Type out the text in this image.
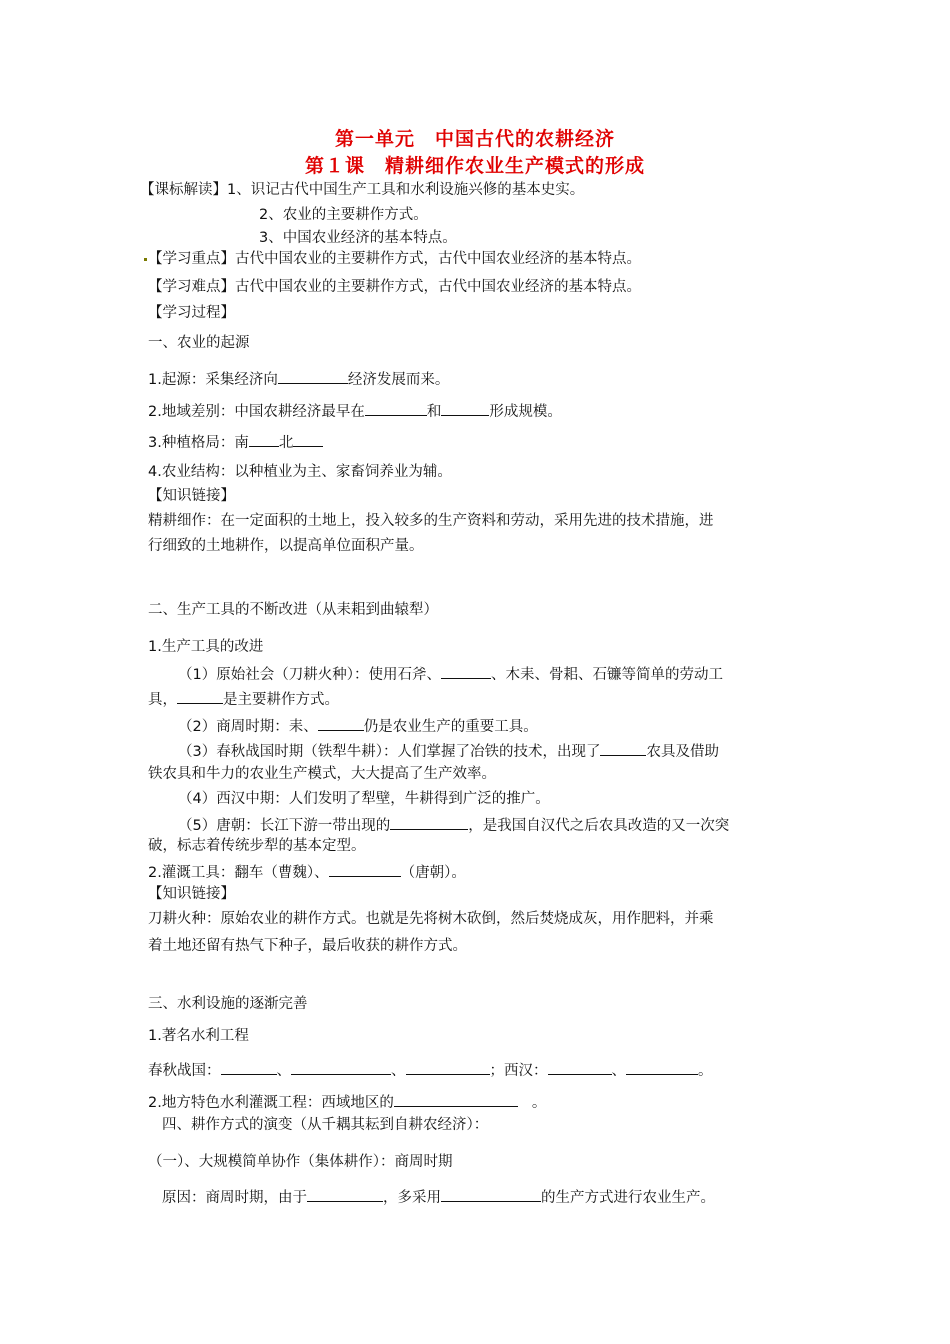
第一单元　中国古代的农耕经济
第１课　精耕细作农业生产模式的形成
【课标解读】1、识记古代中国生产工具和水利设施兴修的基本史实。
2、农业的主要耕作方式。
3、中国农业经济的基本特点。
【学习重点】古代中国农业的主要耕作方式，古代中国农业经济的基本特点。
【学习难点】古代中国农业的主要耕作方式，古代中国农业经济的基本特点。
【学习过程】
一、农业的起源
1.起源：采集经济向	经济发展而来。
2.地域差别：中国农耕经济最早在	和	形成规模。
3.种植格局：南 北
4.农业结构：以种植业为主、家畜饲养业为辅。
【知识链接】
精耕细作：在一定面积的土地上，投入较多的生产资料和劳动，采用先进的技术措施，进
行细致的土地耕作，以提高单位面积产量。
二、生产工具的不断改进（从耒耜到曲辕犁）
1.生产工具的改进
（1）原始社会（刀耕火种）：使用石斧、	、木耒、骨耜、石镰等简单的劳动工
具，	是主要耕作方式。
（2）商周时期：耒、	仍是农业生产的重要工具。
（3）春秋战国时期（铁犁牛耕）：人们掌握了冶铁的技术，出现了	农具及借助
铁农具和牛力的农业生产模式，大大提高了生产效率。
（4）西汉中期：人们发明了犁壁，牛耕得到广泛的推广。
（5）唐朝：长江下游一带出现的	，是我国自汉代之后农具改造的又一次突
破，标志着传统步犁的基本定型。
2.灌溉工具：翻车（曹魏）、	（唐朝）。
【知识链接】
刀耕火种：原始农业的耕作方式。也就是先将树木砍倒，然后焚烧成灰，用作肥料，并乘
着土地还留有热气下种子，最后收获的耕作方式。
三、水利设施的逐渐完善
1.著名水利工程
春秋战国：	、	、	；西汉：	、	。
2.地方特色水利灌溉工程：西域地区的	。
四、耕作方式的演变（从千耦其耘到自耕农经济）：
（一）、大规模简单协作（集体耕作）：商周时期
原因：商周时期，由于	，多采用	的生产方式进行农业生产。
